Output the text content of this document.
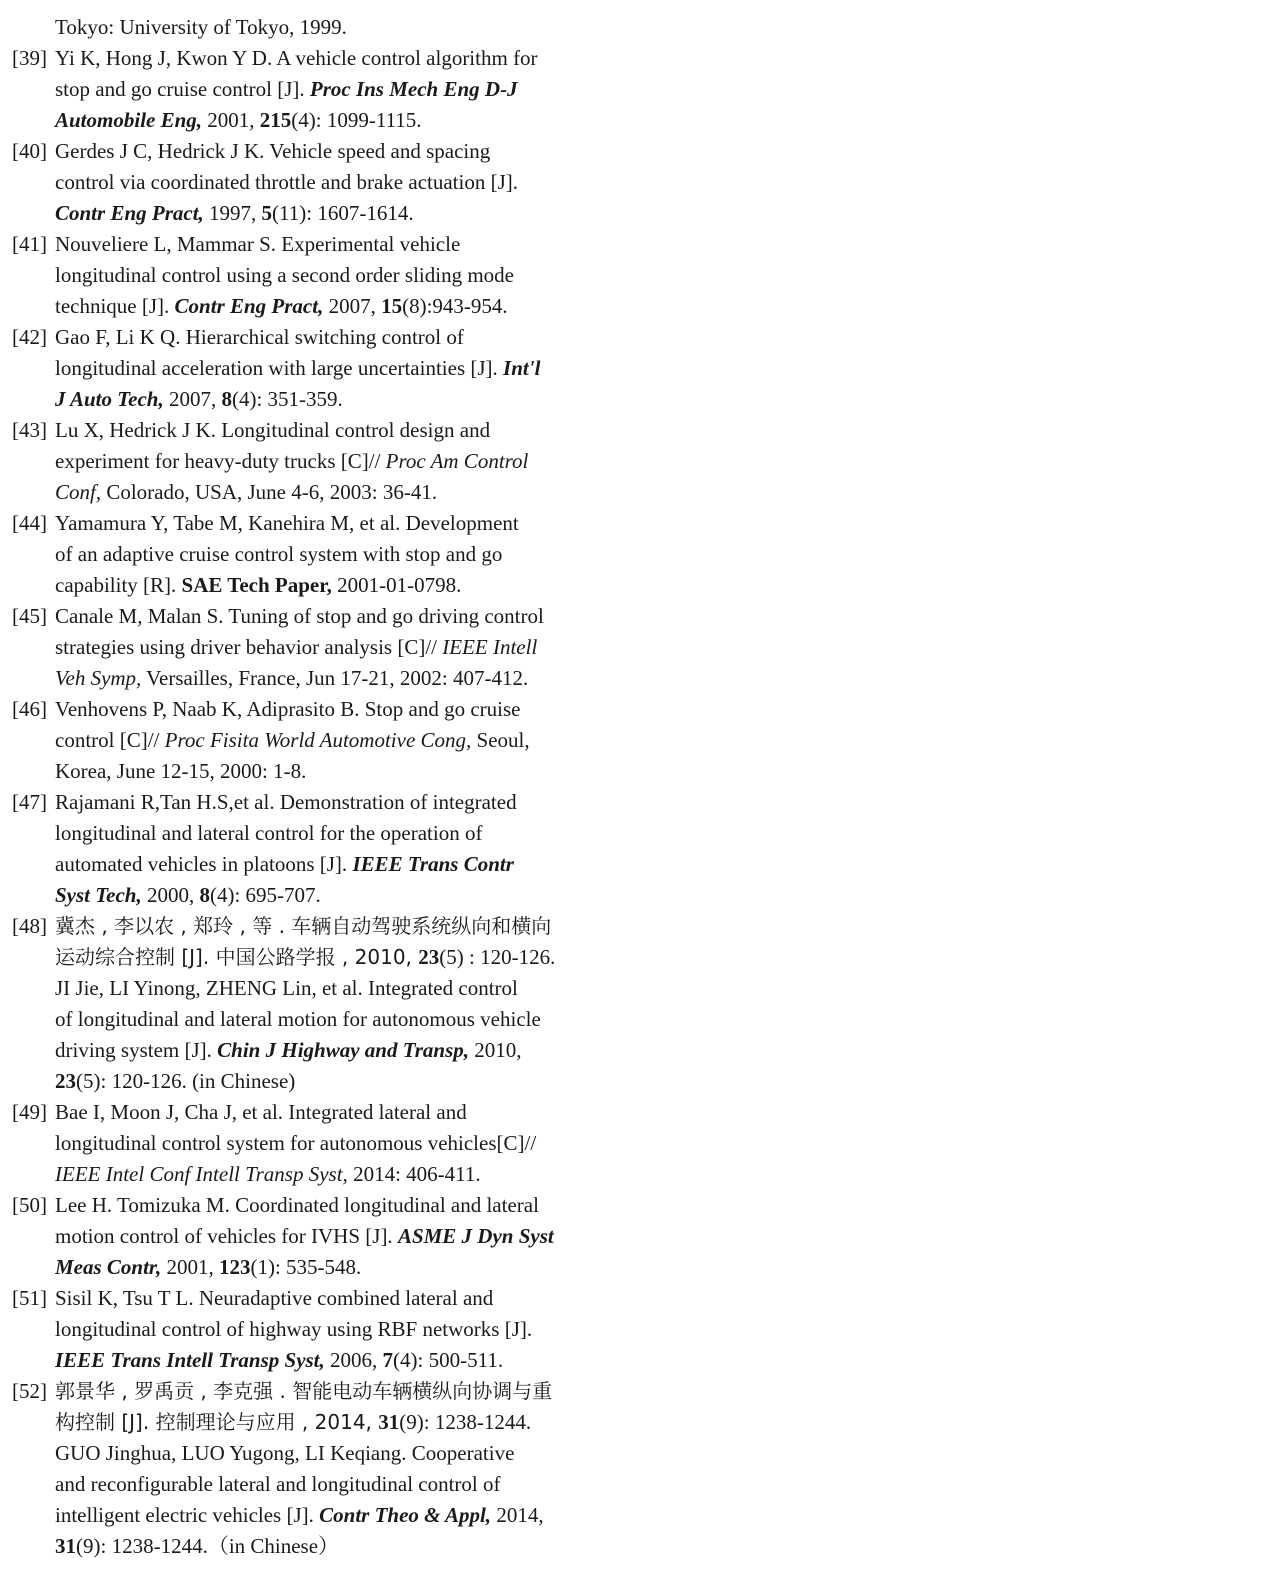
Tokyo: University of Tokyo, 1999.
[39] Yi K, Hong J, Kwon Y D. A vehicle control algorithm for
stop and go cruise control [J]. Proc Ins Mech Eng D-J
Automobile Eng, 2001, 215(4): 1099-1115.
[40] Gerdes J C, Hedrick J K. Vehicle speed and spacing
control via coordinated throttle and brake actuation [J].
Contr Eng Pract, 1997, 5(11): 1607-1614.
[41] Nouveliere L, Mammar S. Experimental vehicle
longitudinal control using a second order sliding mode
technique [J]. Contr Eng Pract, 2007, 15(8):943-954.
[42] Gao F, Li K Q. Hierarchical switching control of
longitudinal acceleration with large uncertainties [J]. Int'l
J Auto Tech, 2007, 8(4): 351-359.
[43] Lu X, Hedrick J K. Longitudinal control design and
experiment for heavy-duty trucks [C]// Proc Am Control
Conf, Colorado, USA, June 4-6, 2003: 36-41.
[44] Yamamura Y, Tabe M, Kanehira M, et al. Development
of an adaptive cruise control system with stop and go
capability [R]. SAE Tech Paper, 2001-01-0798.
[45] Canale M, Malan S. Tuning of stop and go driving control
strategies using driver behavior analysis [C]// IEEE Intell
Veh Symp, Versailles, France, Jun 17-21, 2002: 407-412.
[46] Venhovens P, Naab K, Adiprasito B. Stop and go cruise
control [C]// Proc Fisita World Automotive Cong, Seoul,
Korea, June 12-15, 2000: 1-8.
[47] Rajamani R,Tan H.S,et al. Demonstration of integrated
longitudinal and lateral control for the operation of
automated vehicles in platoons [J]. IEEE Trans Contr
Syst Tech, 2000, 8(4): 695-707.
[48] 冀杰 , 李以农 , 郑玲 , 等 . 车辆自动驾驶系统纵向和横向
运动综合控制 [J]. 中国公路学报 , 2010, 23(5) : 120-126.
JI Jie, LI Yinong, ZHENG Lin, et al. Integrated control
of longitudinal and lateral motion for autonomous vehicle
driving system [J]. Chin J Highway and Transp, 2010,
23(5): 120-126. (in Chinese)
[49] Bae I, Moon J, Cha J, et al. Integrated lateral and
longitudinal control system for autonomous vehicles[C]//
IEEE Intel Conf Intell Transp Syst, 2014: 406-411.
[50] Lee H. Tomizuka M. Coordinated longitudinal and lateral
motion control of vehicles for IVHS [J]. ASME J Dyn Syst
Meas Contr, 2001, 123(1): 535-548.
[51] Sisil K, Tsu T L. Neuradaptive combined lateral and
longitudinal control of highway using RBF networks [J].
IEEE Trans Intell Transp Syst, 2006, 7(4): 500-511.
[52] 郭景华 , 罗禹贡 , 李克强 . 智能电动车辆横纵向协调与重
构控制 [J]. 控制理论与应用 , 2014, 31(9): 1238-1244.
GUO Jinghua, LUO Yugong, LI Keqiang. Cooperative
and reconfigurable lateral and longitudinal control of
intelligent electric vehicles [J]. Contr Theo & Appl, 2014,
31(9): 1238-1244.（in Chinese）
